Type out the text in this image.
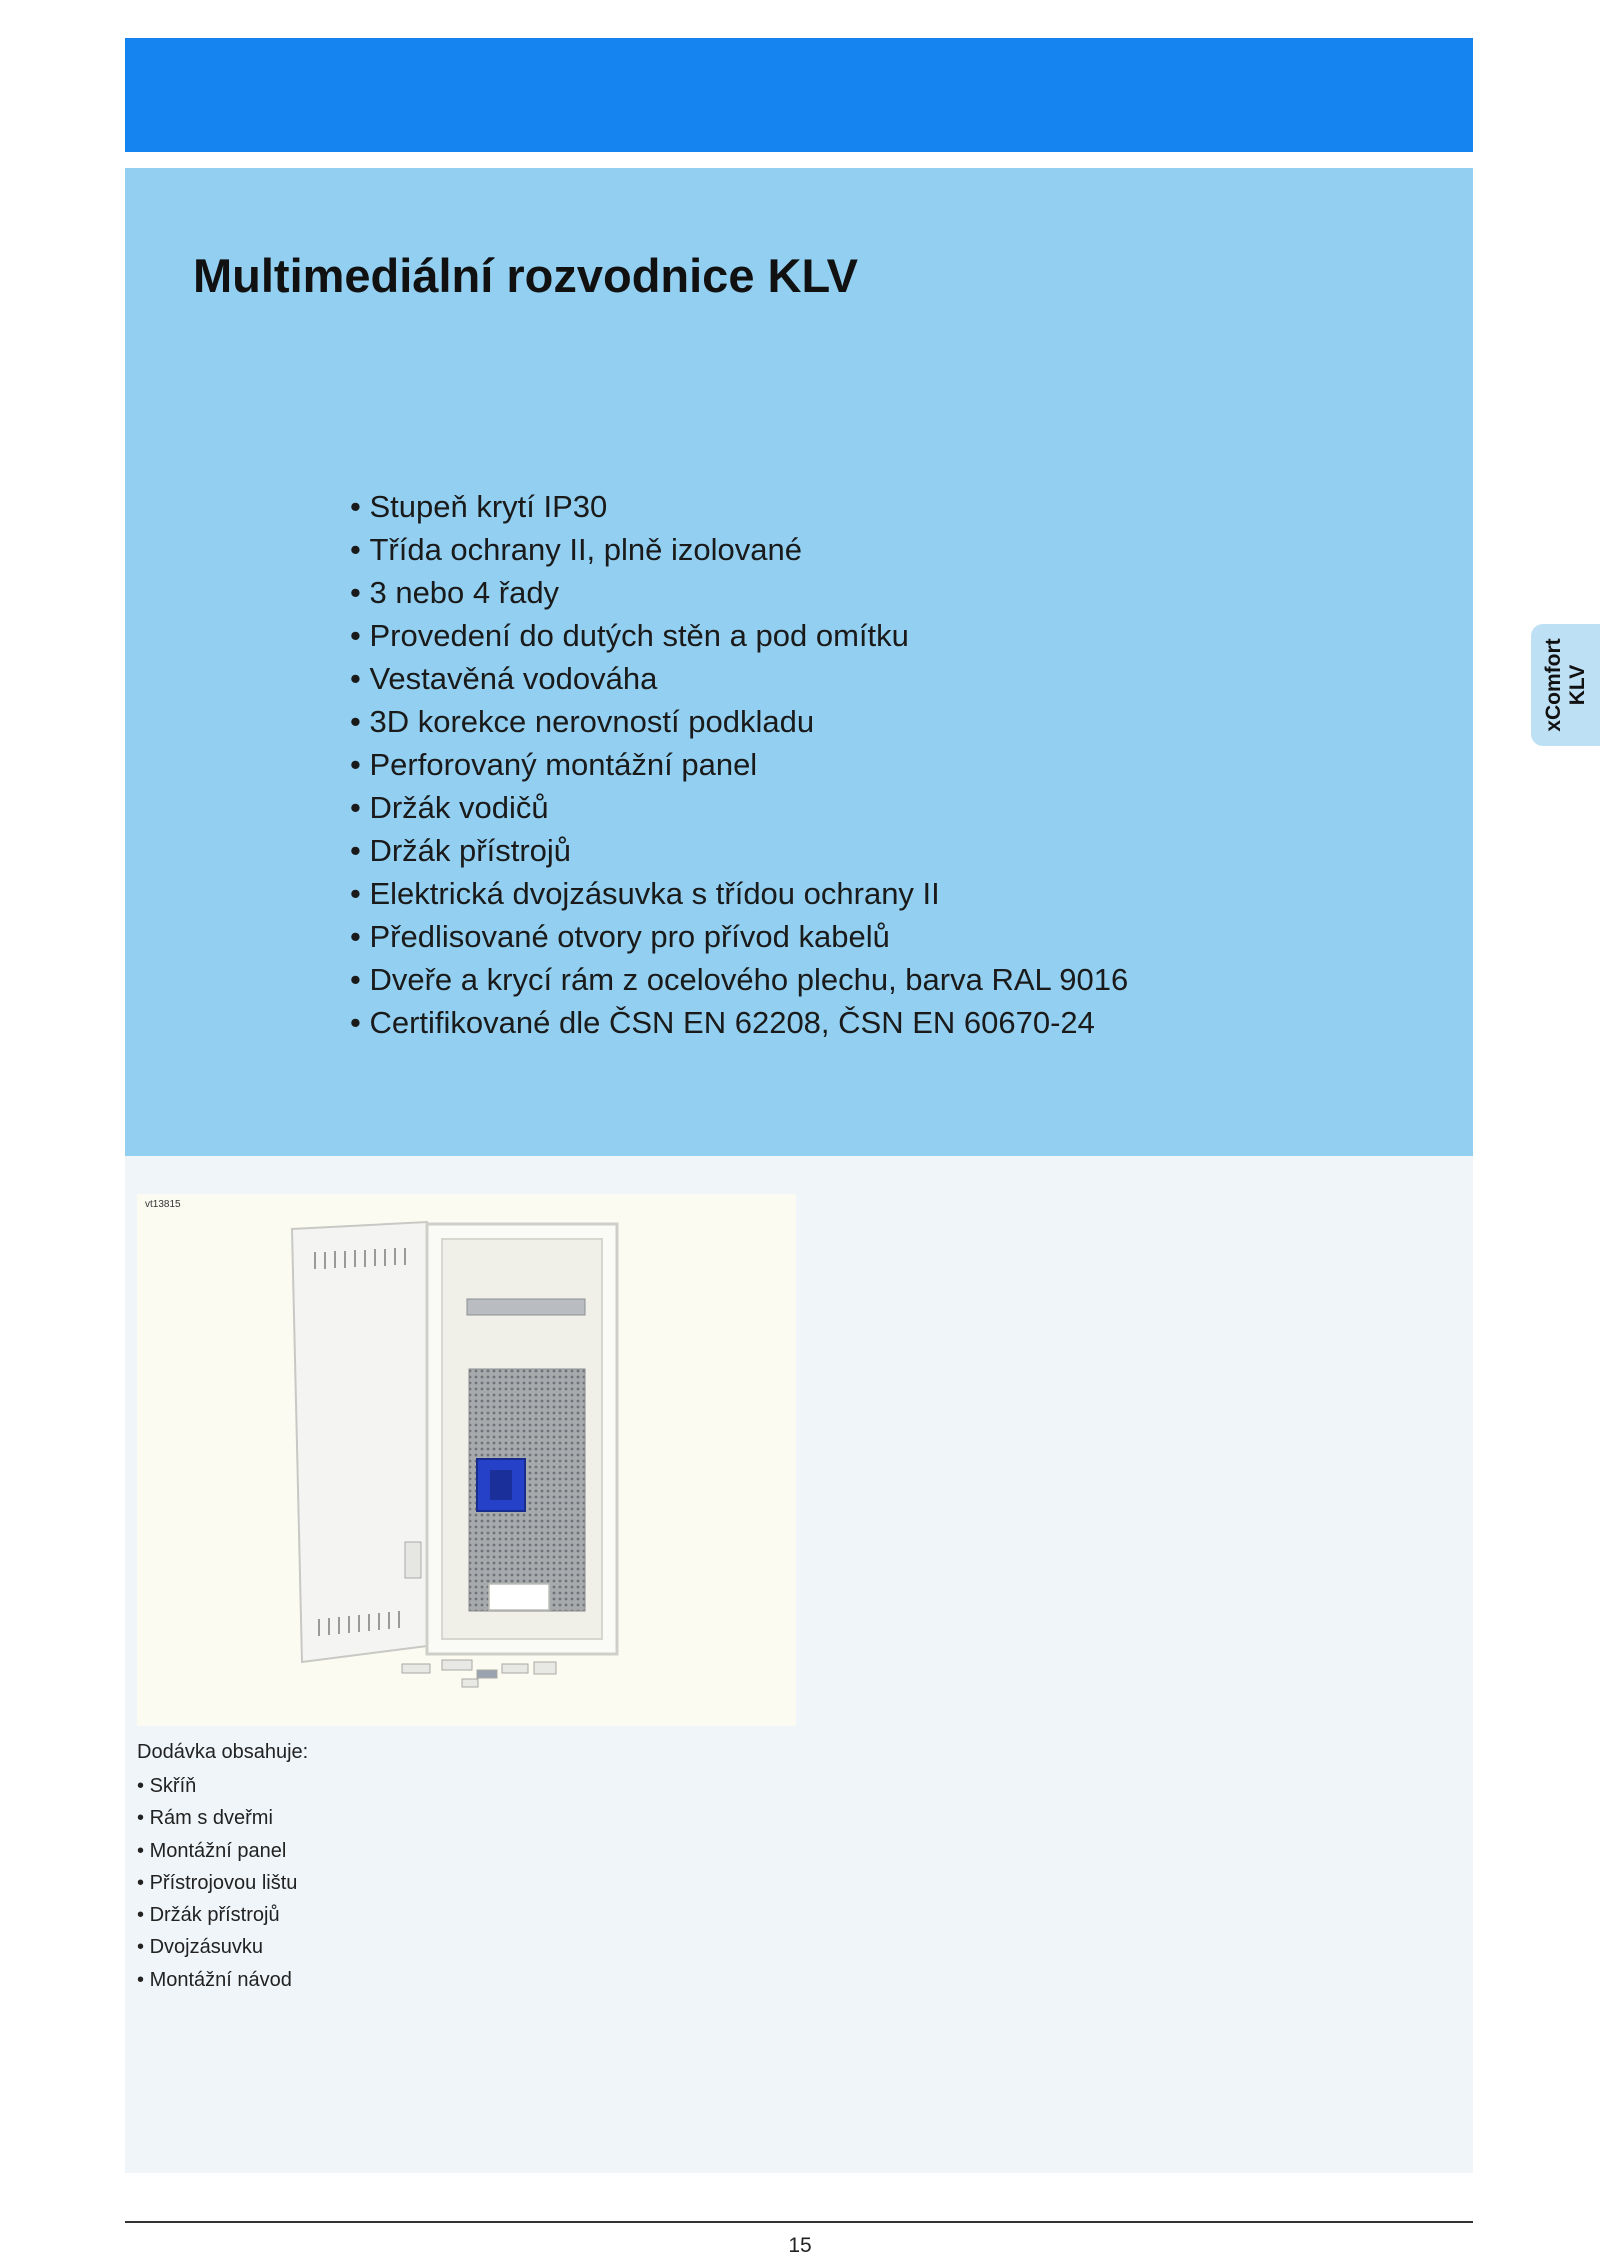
Multimediální rozvodnice KLV
• Stupeň krytí IP30
• Třída ochrany II, plně izolované
• 3 nebo 4 řady
• Provedení do dutých stěn a pod omítku
• Vestavěná vodováha
• 3D korekce nerovností podkladu
• Perforovaný montážní panel
• Držák vodičů
• Držák přístrojů
• Elektrická dvojzásuvka s třídou ochrany II
• Předlisované otvory pro přívod kabelů
• Dveře a krycí rám z ocelového plechu, barva RAL 9016
• Certifikované dle ČSN EN 62208, ČSN EN 60670-24
vt13815
Dodávka obsahuje:
• Skříň
• Rám s dveřmi
• Montážní panel
• Přístrojovou lištu
• Držák přístrojů
• Dvojzásuvku
• Montážní návod
xComfort KLV
15
